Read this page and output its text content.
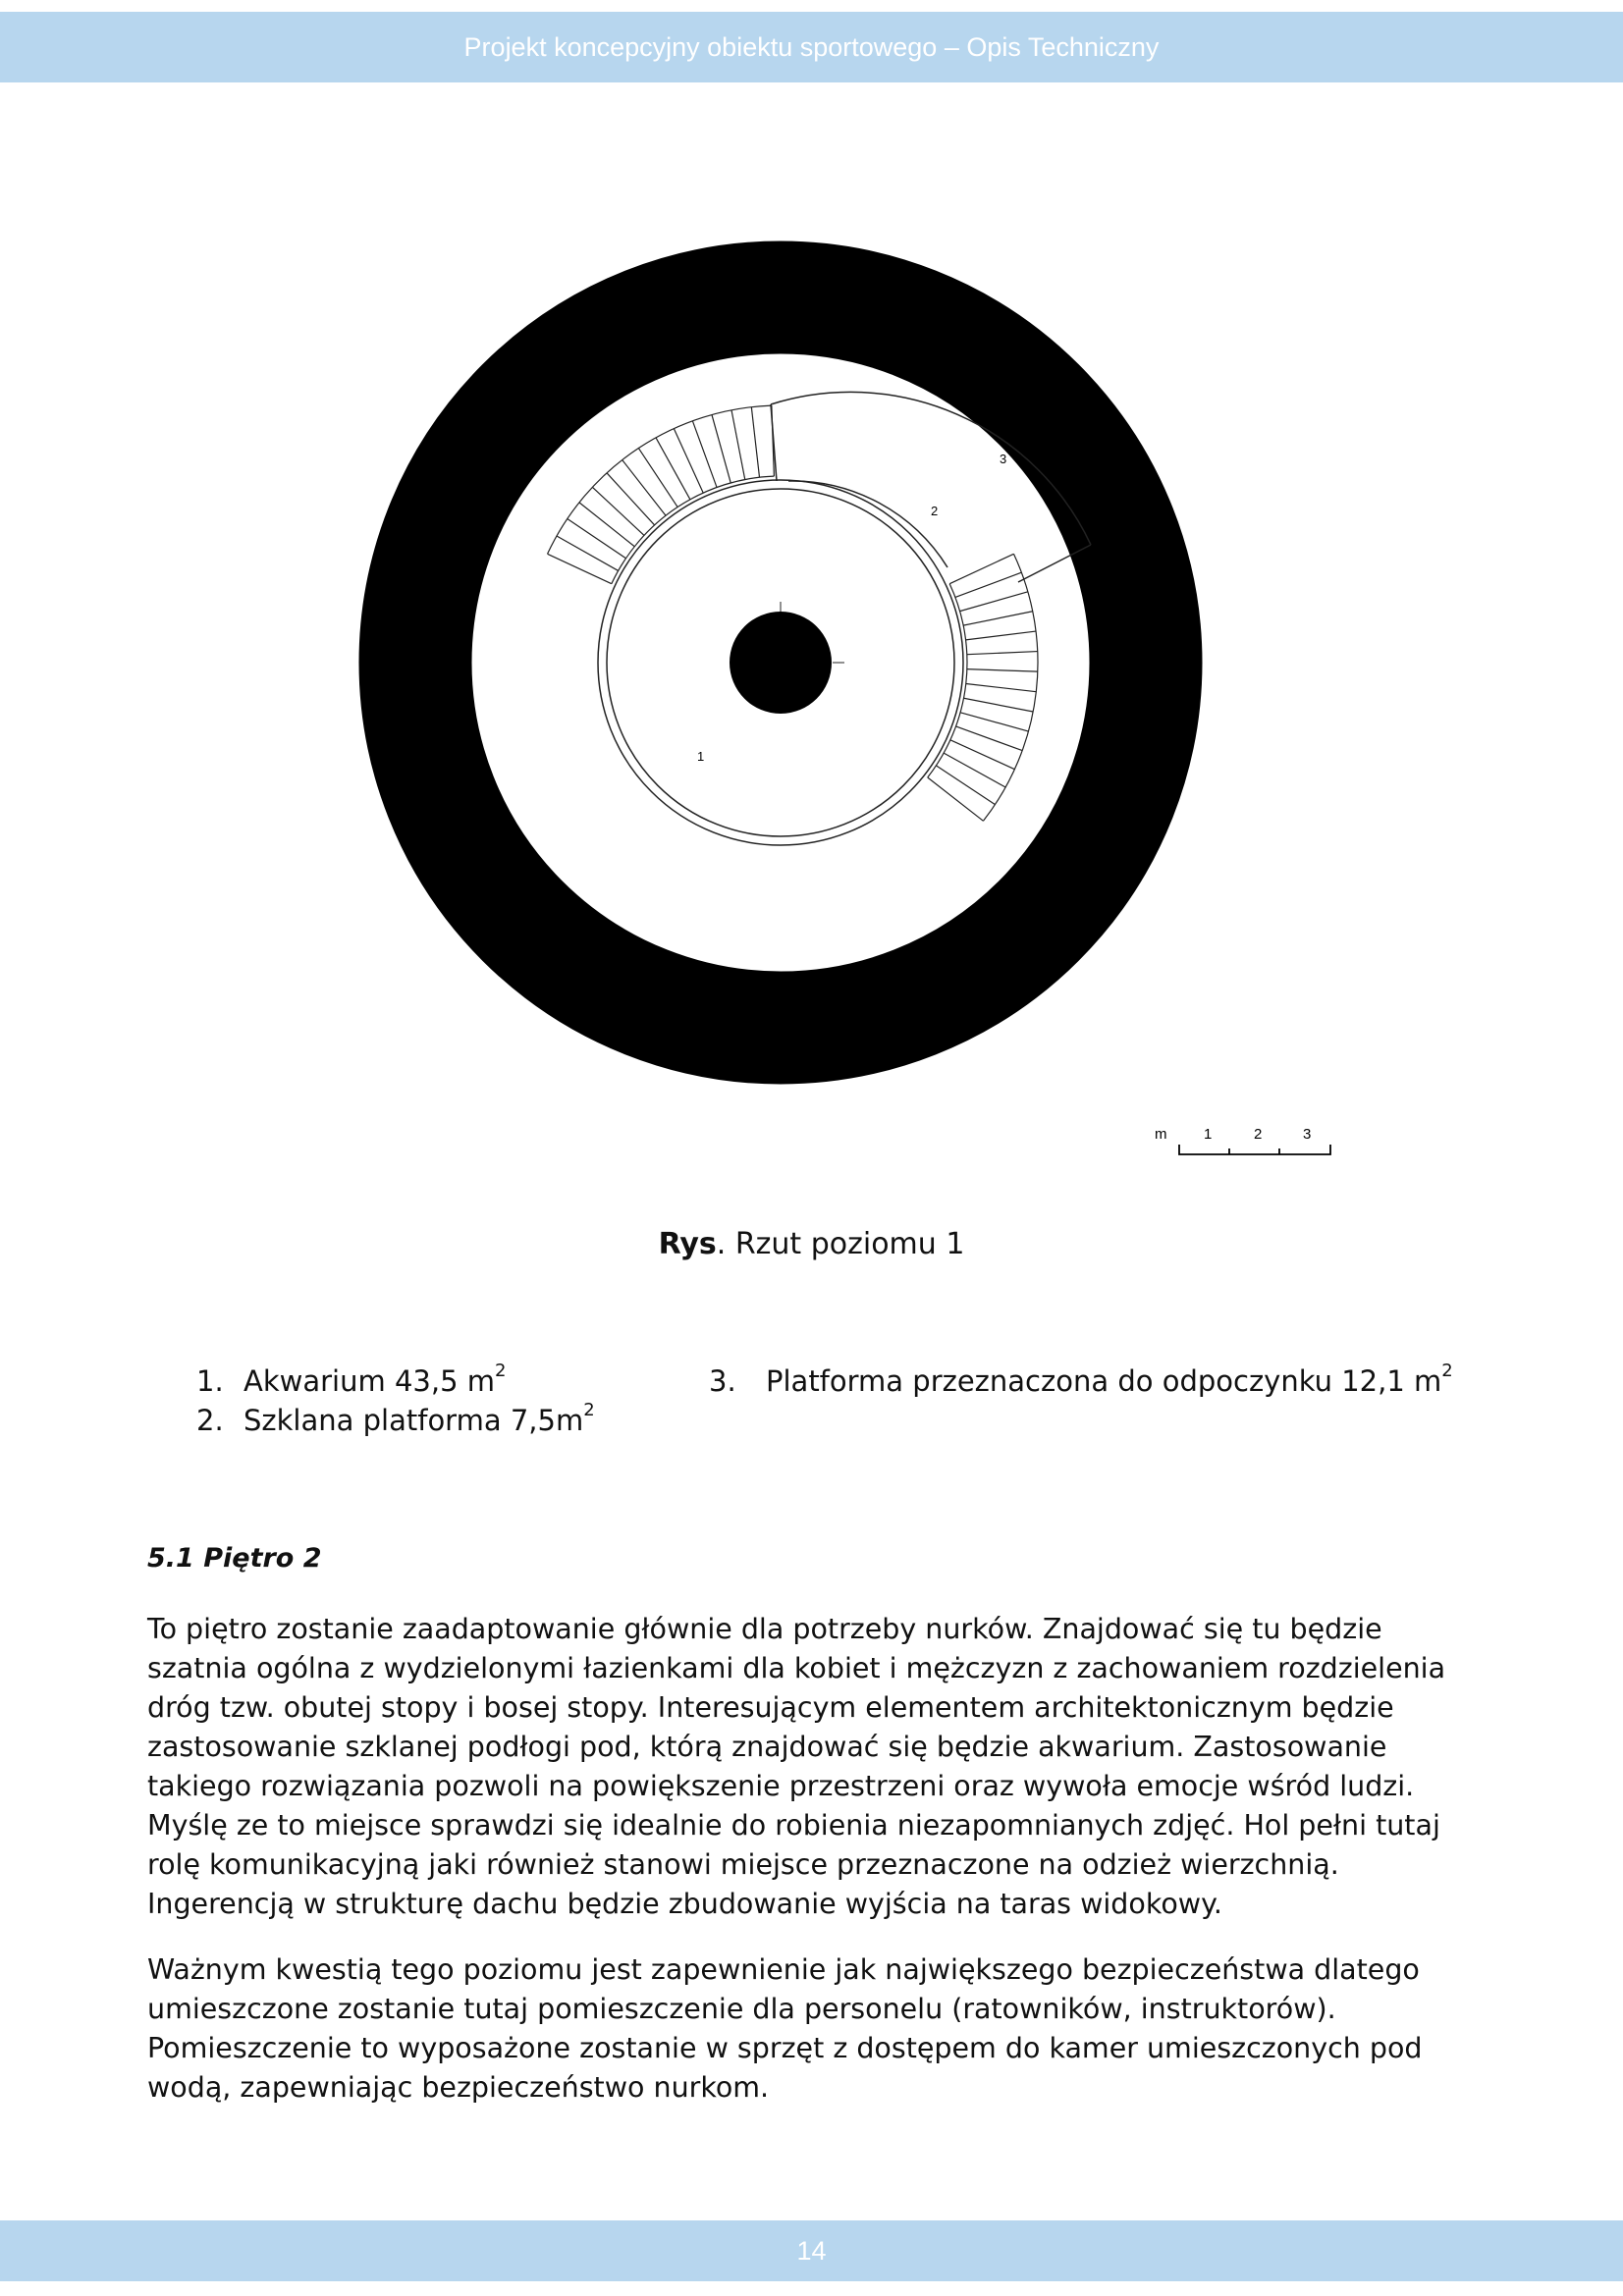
Projekt koncepcyjny obiektu sportowego – Opis Techniczny
1
2
3
m	1	2	3
Rys. Rzut poziomu 1
1. Akwarium 43,5 $m^2$
2. Szklana platforma $7,5m^2$
3. Platforma przeznaczona do odpoczynku 12,1 $m^2$
5.1 Piętro 2

To piętro zostanie zaadaptowanie głównie dla potrzeby nurków. Znajdować się tu będzie szatnia ogólna z wydzielonymi łazienkami dla kobiet i mężczyzn z zachowaniem rozdzielenia dróg tzw. obutej stopy i bosej stopy. Interesującym elementem architektonicznym będzie zastosowanie szklanej podłogi pod, którą znajdować się będzie akwarium. Zastosowanie takiego rozwiązania pozwoli na powiększenie przestrzeni oraz wywoła emocje wśród ludzi. Myślę ze to miejsce sprawdzi się idealnie do robienia niezapomnianych zdjęć. Hol pełni tutaj rolę komunikacyjną jaki również stanowi miejsce przeznaczone na odzież wierzchnią. Ingerencją w strukturę dachu będzie zbudowanie wyjścia na taras widokowy.

Ważnym kwestią tego poziomu jest zapewnienie jak największego bezpieczeństwa dlatego umieszczone zostanie tutaj pomieszczenie dla personelu (ratowników, instruktorów). Pomieszczenie to wyposażone zostanie w sprzęt z dostępem do kamer umieszczonych pod wodą, zapewniając bezpieczeństwo nurkom.

14
